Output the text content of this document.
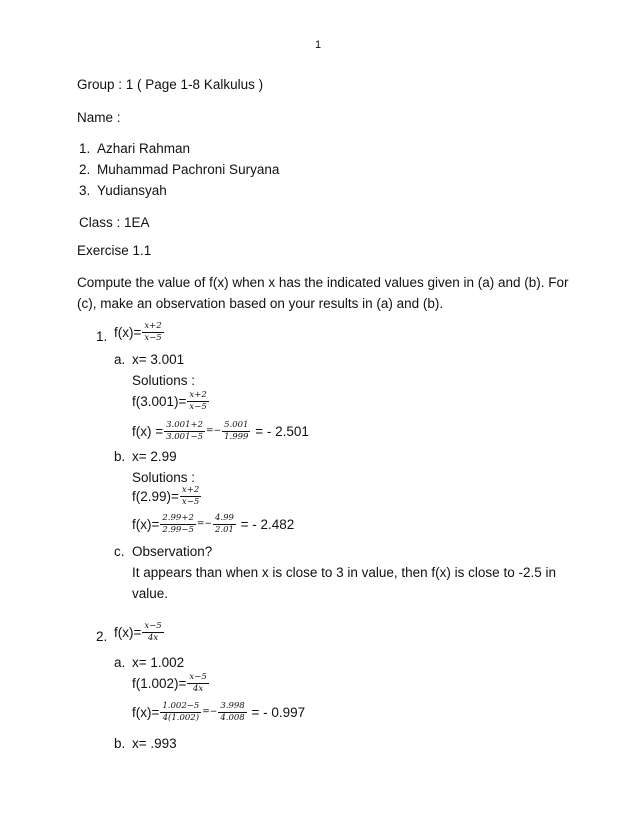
1
Group : 1 ( Page 1-8 Kalkulus )
Name :
1. Azhari Rahman
2. Muhammad Pachroni Suryana
3. Yudiansyah
Class : 1EA
Exercise 1.1
Compute the value of f(x) when x has the indicated values given in (a) and (b). For
(c), make an observation based on your results in (a) and (b).
1. $f(x)= \frac{x+2}{x-5}$
a. x= 3.001
Solutions :
$f(3.001)= \frac{x+2}{x-5}$
$f(x) = \frac{3.001+2}{3.001-5} =- \frac{5.001}{1.999}$ = - 2.501
b. x= 2.99
Solutions :
$f(2.99)= \frac{x+2}{x-5}$
$f(x)= \frac{2.99+2}{2.99-5} =- \frac{4.99}{2.01}$ = - 2.482
c. Observation?
It appears than when x is close to 3 in value, then f(x) is close to -2.5 in
value.
2. $f(x)= \frac{x-5}{4x}$
a. x= 1.002
$f(1.002)= \frac{x-5}{4x}$
$f(x)= \frac{1.002-5}{4(1.002)} =- \frac{3.998}{4.008}$ = - 0.997
b. x= .993
